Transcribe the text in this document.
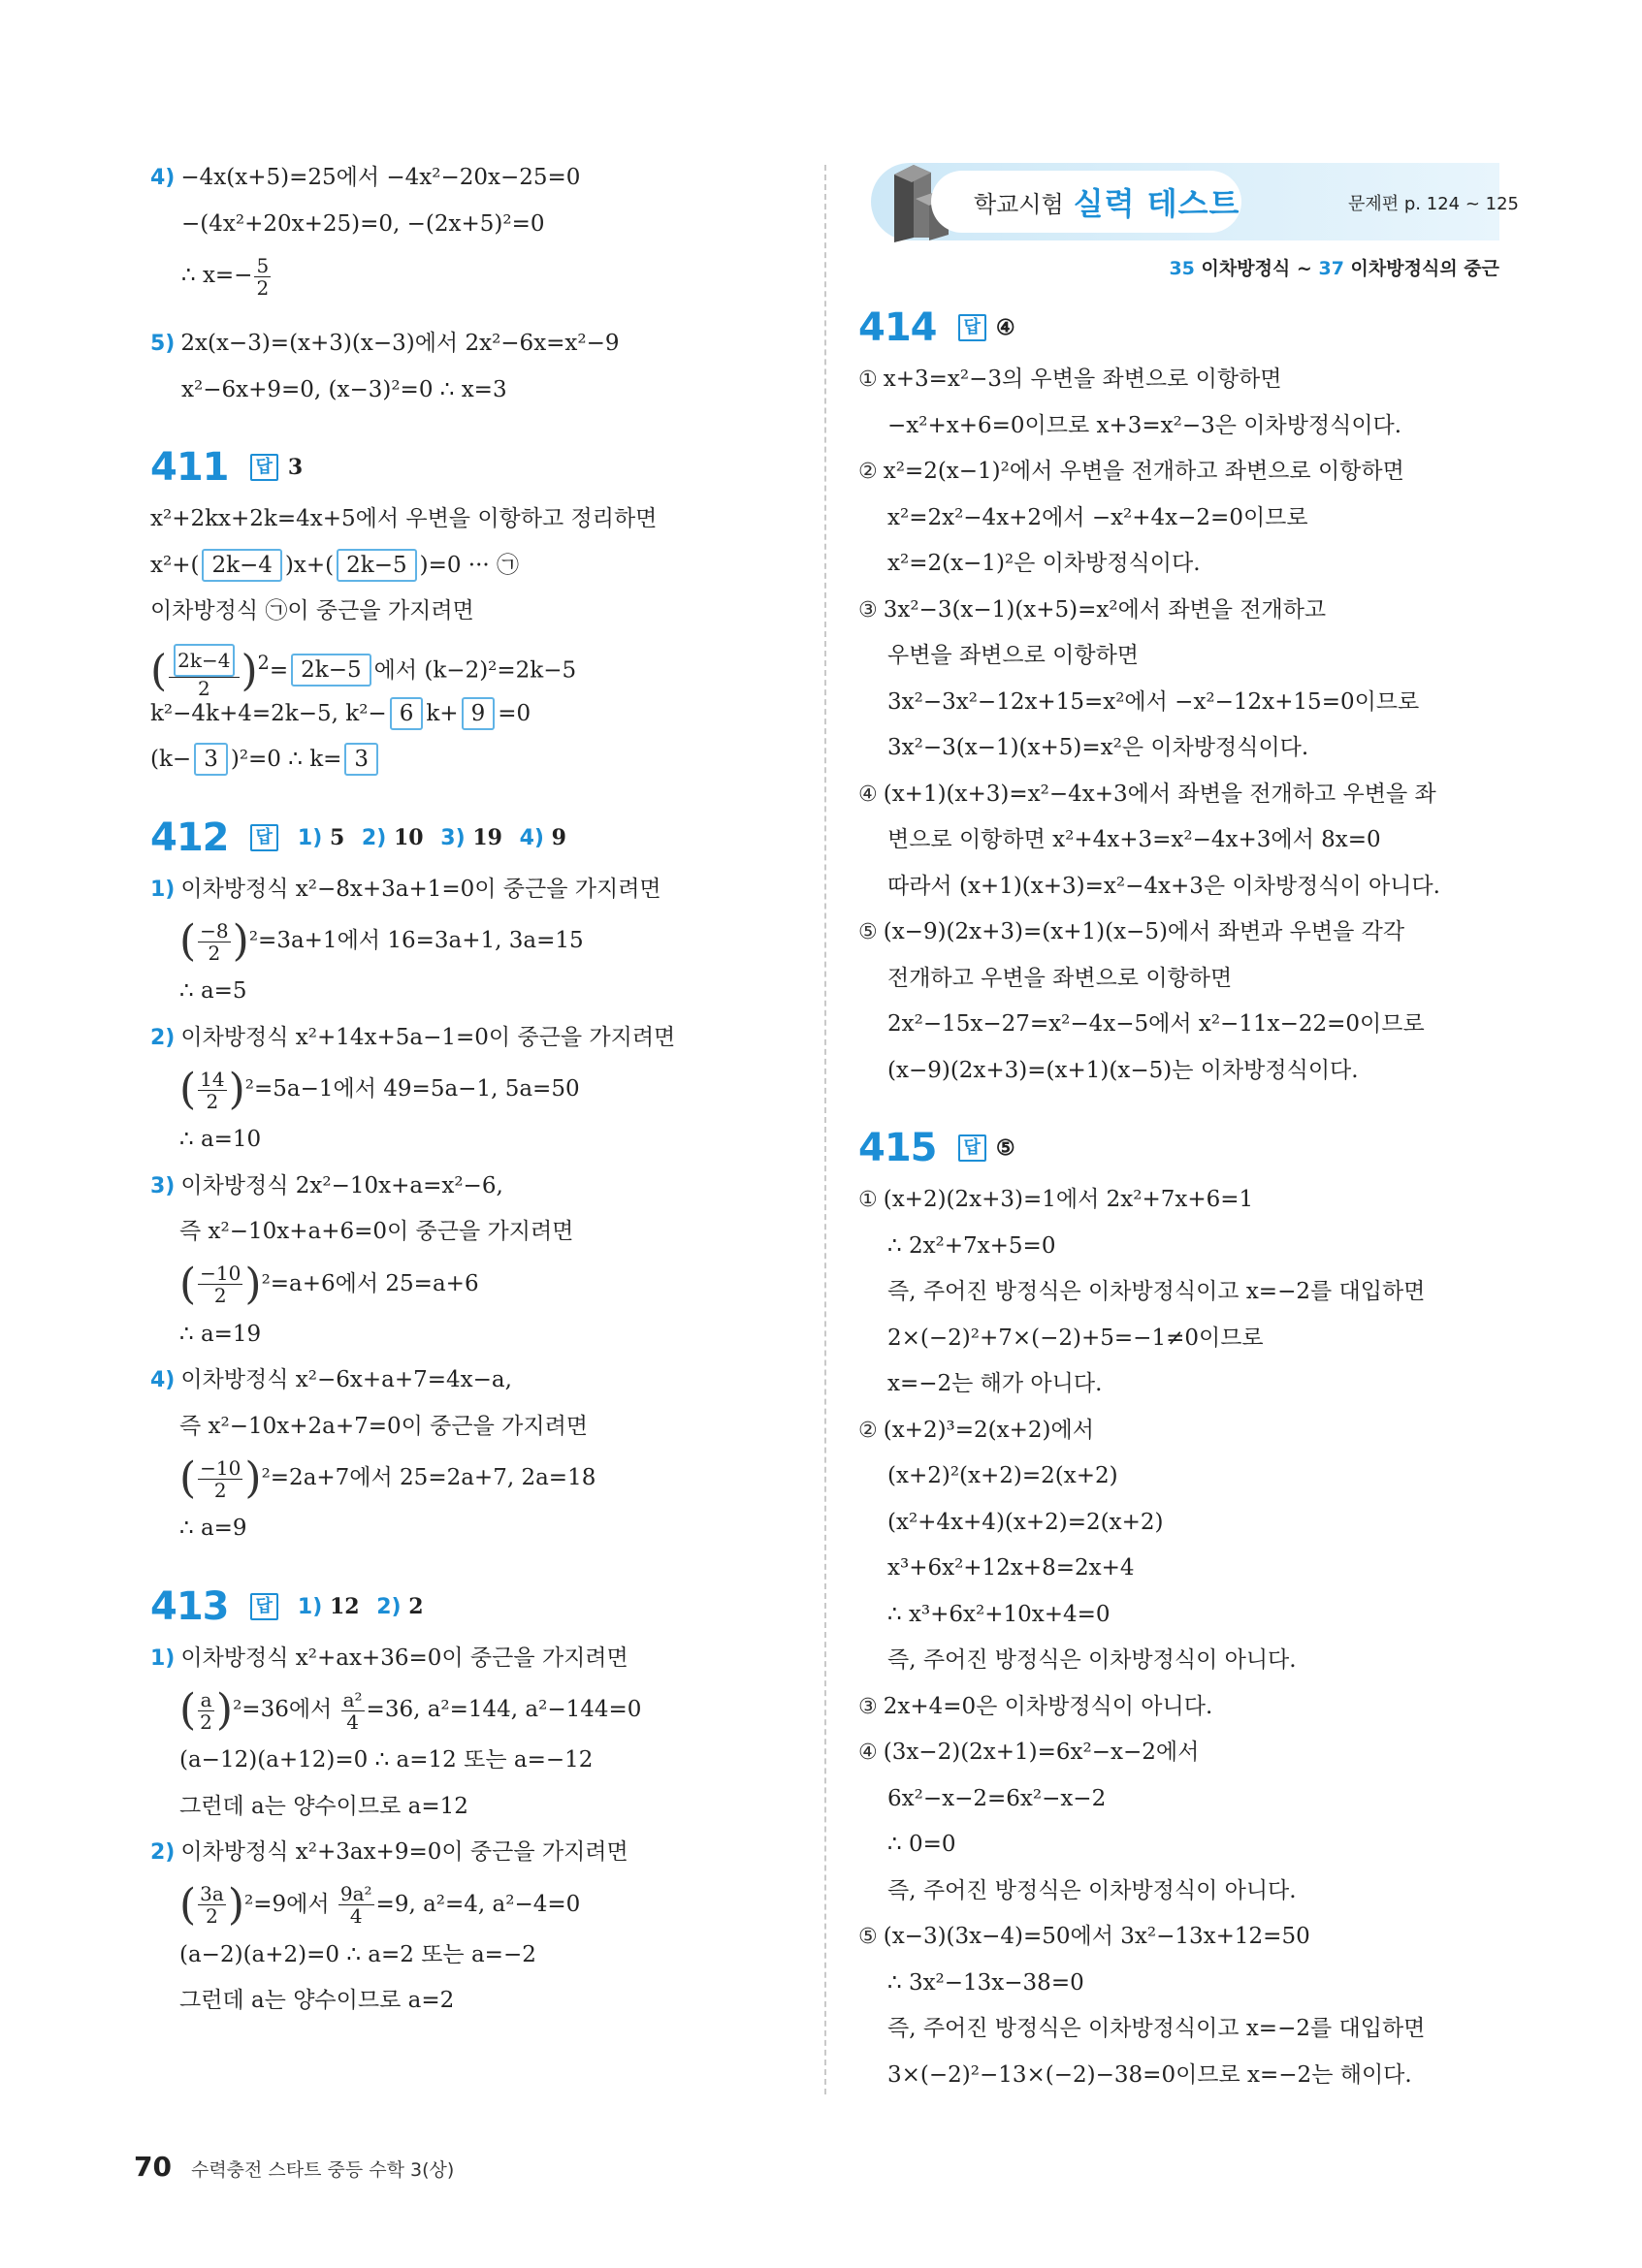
학교시험 실력 테스트	문제편 p. 124 ~ 125
35 이차방정식 ~ 37 이차방정식의 중근
4) −4x(x+5)=25에서 −4x²−20x−25=0
−(4x²+20x+25)=0, −(2x+5)²=0
∴ $x=- \frac{5}{2}$
5) 2x(x−3)=(x+3)(x−3)에서 2x²−6x=x²−9
x²−6x+9=0, (x−3)²=0 ∴ x=3
411	답 3
x²+2kx+2k=4x+5에서 우변을 이항하고 정리하면
x²+( 2k−4 )x+( 2k−5 )=0 ··· ㉠
이차방정식 ㉠이 중근을 가지려면
( $\frac{2k-4}{2} )^2= 2k-5$ 에서 (k−2)²=2k−5
k²−4k+4=2k−5, k²− 6 k+ 9 =0
(k− 3 )²=0 ∴ k= 3
412	답	1) 5 2) 10 3) 19 4) 9
1) 이차방정식 x²−8x+3a+1=0이 중근을 가지려면
( $\frac{-8}{2} )^2=3a+1$에서 16=3a+1, 3a=15
∴ a=5
2) 이차방정식 x²+14x+5a−1=0이 중근을 가지려면
( $\frac{14}{2} )^2=5a-1$에서 49=5a−1, 5a=50
∴ a=10
3) 이차방정식 2x²−10x+a=x²−6,
즉 x²−10x+a+6=0이 중근을 가지려면
( $\frac{-10}{2} )^2=a+6$에서 25=a+6
∴ a=19
4) 이차방정식 x²−6x+a+7=4x−a,
즉 x²−10x+2a+7=0이 중근을 가지려면
( $\frac{-10}{2} )^2=2a+7$에서 25=2a+7, 2a=18
∴ a=9
413	답	1) 12 2) 2
1) 이차방정식 x²+ax+36=0이 중근을 가지려면
( $\frac{a}{2} )^2=36$에서 $\frac{\text{a²}}{4} =36$, a²=144, a²−144=0
(a−12)(a+12)=0 ∴ a=12 또는 a=−12
그런데 a는 양수이므로 a=12
2) 이차방정식 x²+3ax+9=0이 중근을 가지려면
( $\frac{3a}{2} )^2=9$에서 $\frac{\text{9a²}}{4} =9$, a²=4, a²−4=0
(a−2)(a+2)=0 ∴ a=2 또는 a=−2
그런데 a는 양수이므로 a=2
414	답 ④
① x+3=x²−3의 우변을 좌변으로 이항하면
−x²+x+6=0이므로 x+3=x²−3은 이차방정식이다.
② x²=2(x−1)²에서 우변을 전개하고 좌변으로 이항하면
x²=2x²−4x+2에서 −x²+4x−2=0이므로
x²=2(x−1)²은 이차방정식이다.
③ 3x²−3(x−1)(x+5)=x²에서 좌변을 전개하고
우변을 좌변으로 이항하면
3x²−3x²−12x+15=x²에서 −x²−12x+15=0이므로
3x²−3(x−1)(x+5)=x²은 이차방정식이다.
④ (x+1)(x+3)=x²−4x+3에서 좌변을 전개하고 우변을 좌
변으로 이항하면 x²+4x+3=x²−4x+3에서 8x=0
따라서 (x+1)(x+3)=x²−4x+3은 이차방정식이 아니다.
⑤ (x−9)(2x+3)=(x+1)(x−5)에서 좌변과 우변을 각각
전개하고 우변을 좌변으로 이항하면
2x²−15x−27=x²−4x−5에서 x²−11x−22=0이므로
(x−9)(2x+3)=(x+1)(x−5)는 이차방정식이다.
415	답 ⑤
① (x+2)(2x+3)=1에서 2x²+7x+6=1
∴ 2x²+7x+5=0
즉, 주어진 방정식은 이차방정식이고 x=−2를 대입하면
2×(−2)²+7×(−2)+5=−1≠0이므로
x=−2는 해가 아니다.
② (x+2)³=2(x+2)에서
(x+2)²(x+2)=2(x+2)
(x²+4x+4)(x+2)=2(x+2)
x³+6x²+12x+8=2x+4
∴ x³+6x²+10x+4=0
즉, 주어진 방정식은 이차방정식이 아니다.
③ 2x+4=0은 이차방정식이 아니다.
④ (3x−2)(2x+1)=6x²−x−2에서
6x²−x−2=6x²−x−2
∴ 0=0
즉, 주어진 방정식은 이차방정식이 아니다.
⑤ (x−3)(3x−4)=50에서 3x²−13x+12=50
∴ 3x²−13x−38=0
즉, 주어진 방정식은 이차방정식이고 x=−2를 대입하면
3×(−2)²−13×(−2)−38=0이므로 x=−2는 해이다.
70 수력충전 스타트 중등 수학 3(상)
